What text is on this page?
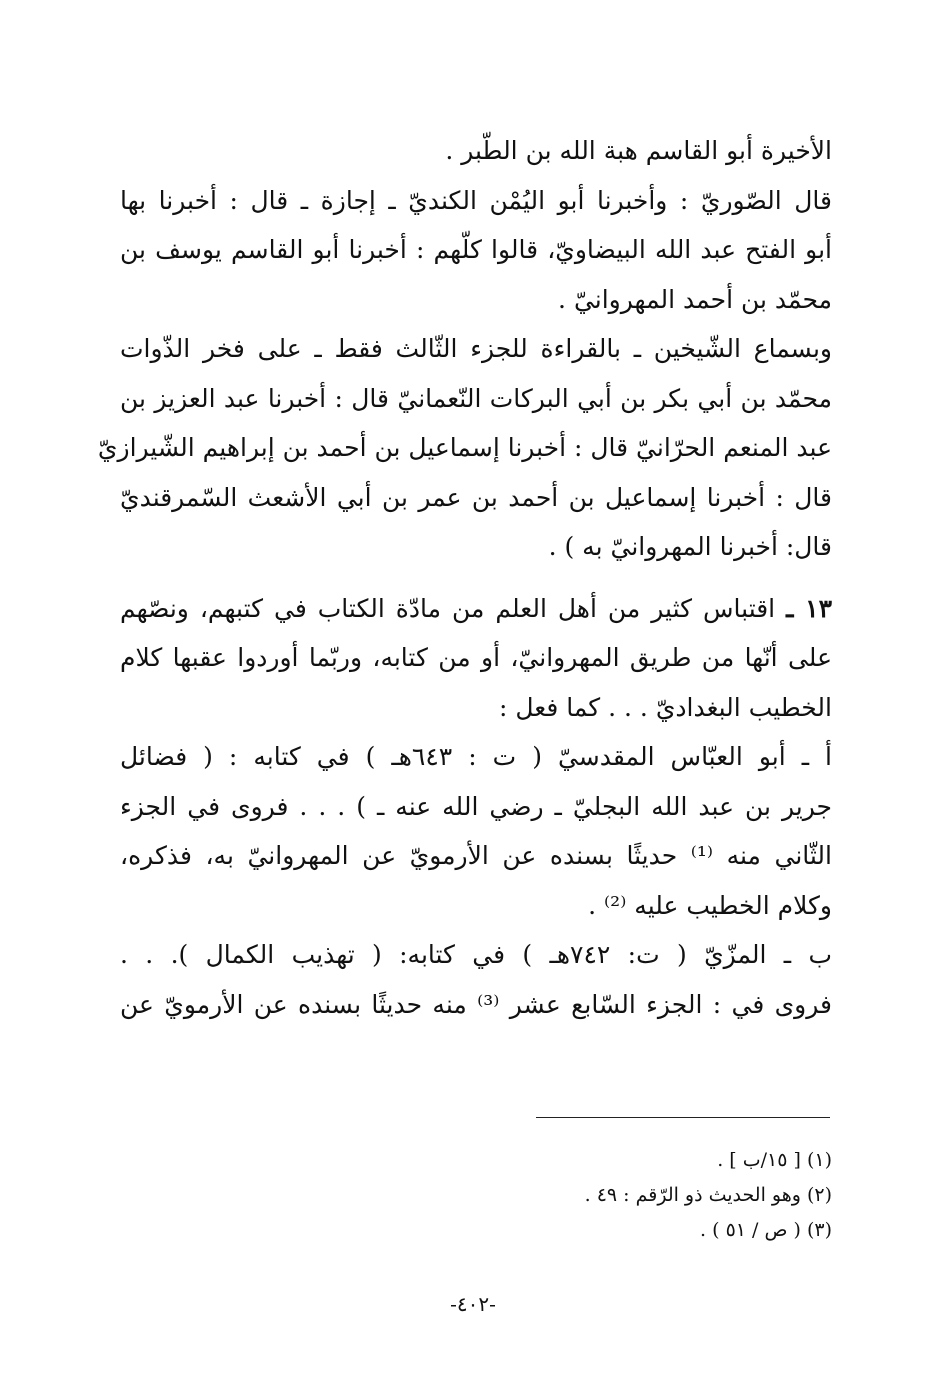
الأخيرة أبو القاسم هبة الله بن الطّبر .
قال الصّوريّ : وأخبرنا أبو اليُمْن الكنديّ ـ إجازة ـ قال : أخبرنا بها
أبو الفتح عبد الله البيضاويّ، قالوا كلّهم : أخبرنا أبو القاسم يوسف بن
محمّد بن أحمد المهروانيّ .
وبسماع الشّيخين ـ بالقراءة للجزء الثّالث فقط ـ على فخر الذّوات
محمّد بن أبي بكر بن أبي البركات النّعمانيّ قال : أخبرنا عبد العزيز بن
عبد المنعم الحرّانيّ قال : أخبرنا إسماعيل بن أحمد بن إبراهيم الشّيرازيّ
قال : أخبرنا إسماعيل بن أحمد بن عمر بن أبي الأشعث السّمرقنديّ
قال: أخبرنا المهروانيّ به ) .
١٣ ـ اقتباس كثير من أهل العلم من مادّة الكتاب في كتبهم، ونصّهم
على أنّها من طريق المهروانيّ، أو من كتابه، وربّما أوردوا عقبها كلام
الخطيب البغداديّ . . . كما فعل :
أ ـ أبو العبّاس المقدسيّ ( ت : ٦٤٣هـ ) في كتابه : ( فضائل
جرير بن عبد الله البجليّ ـ رضي الله عنه ـ ) . . . فروى في الجزء
الثّاني منه ⁽¹⁾ حديثًا بسنده عن الأرمويّ عن المهروانيّ به، فذكره،
وكلام الخطيب عليه ⁽²⁾ .
ب ـ المزّيّ ( ت: ٧٤٢هـ ) في كتابه: ( تهذيب الكمال ). . .
فروى في : الجزء السّابع عشر ⁽³⁾ منه حديثًا بسنده عن الأرمويّ عن
(١) [ ١٥/ب ] .
(٢) وهو الحديث ذو الرّقم : ٤٩ .
(٣) ( ص / ٥١ ) .
-٤٠٢-
